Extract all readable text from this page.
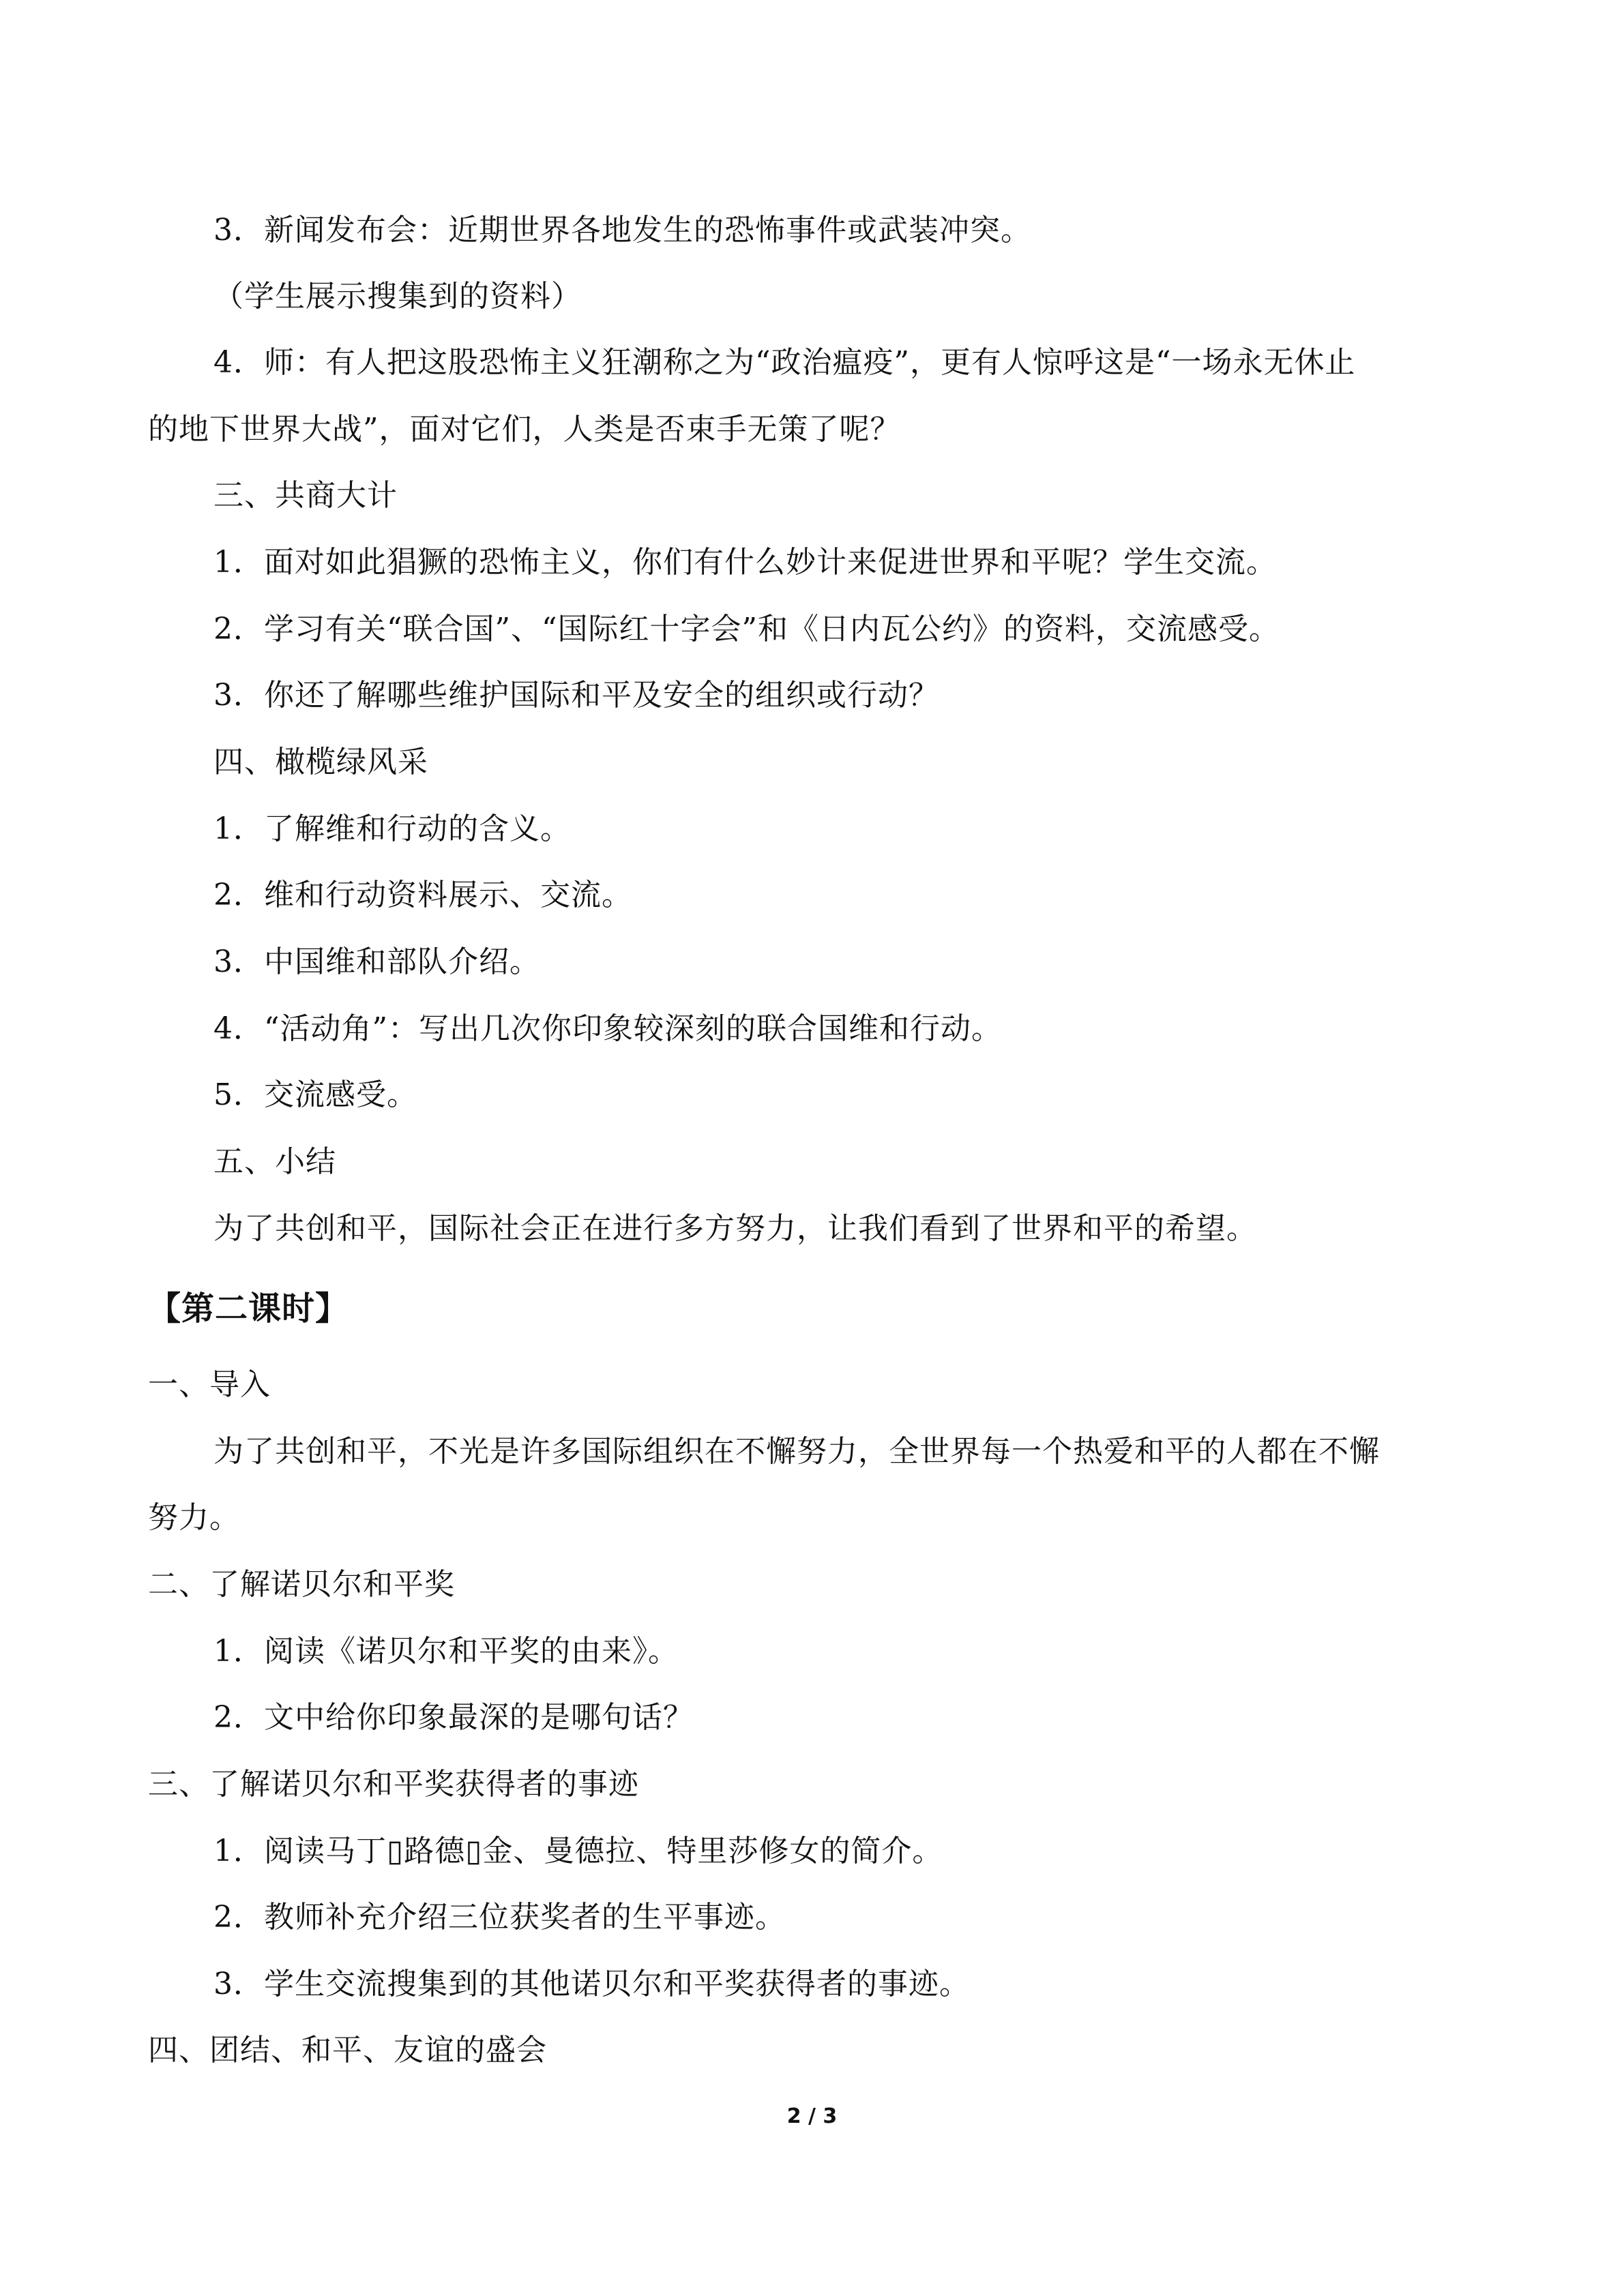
3．新闻发布会：近期世界各地发生的恐怖事件或武装冲突。
（学生展示搜集到的资料）
4．师：有人把这股恐怖主义狂潮称之为“政治瘟疫”，更有人惊呼这是“一场永无休止
的地下世界大战”，面对它们，人类是否束手无策了呢？
三、共商大计
1．面对如此猖獗的恐怖主义，你们有什么妙计来促进世界和平呢？学生交流。
2．学习有关“联合国”、“国际红十字会”和《日内瓦公约》的资料，交流感受。
3．你还了解哪些维护国际和平及安全的组织或行动？
四、橄榄绿风采
1．了解维和行动的含义。
2．维和行动资料展示、交流。
3．中国维和部队介绍。
4．“活动角”：写出几次你印象较深刻的联合国维和行动。
5．交流感受。
五、小结
为了共创和平，国际社会正在进行多方努力，让我们看到了世界和平的希望。
【第二课时】
一、导入
为了共创和平，不光是许多国际组织在不懈努力，全世界每一个热爱和平的人都在不懈
努力。
二、了解诺贝尔和平奖
1．阅读《诺贝尔和平奖的由来》。
2．文中给你印象最深的是哪句话？
三、了解诺贝尔和平奖获得者的事迹
1．阅读马丁▯路德▯金、曼德拉、特里莎修女的简介。
2．教师补充介绍三位获奖者的生平事迹。
3．学生交流搜集到的其他诺贝尔和平奖获得者的事迹。
四、团结、和平、友谊的盛会
2 / 3
